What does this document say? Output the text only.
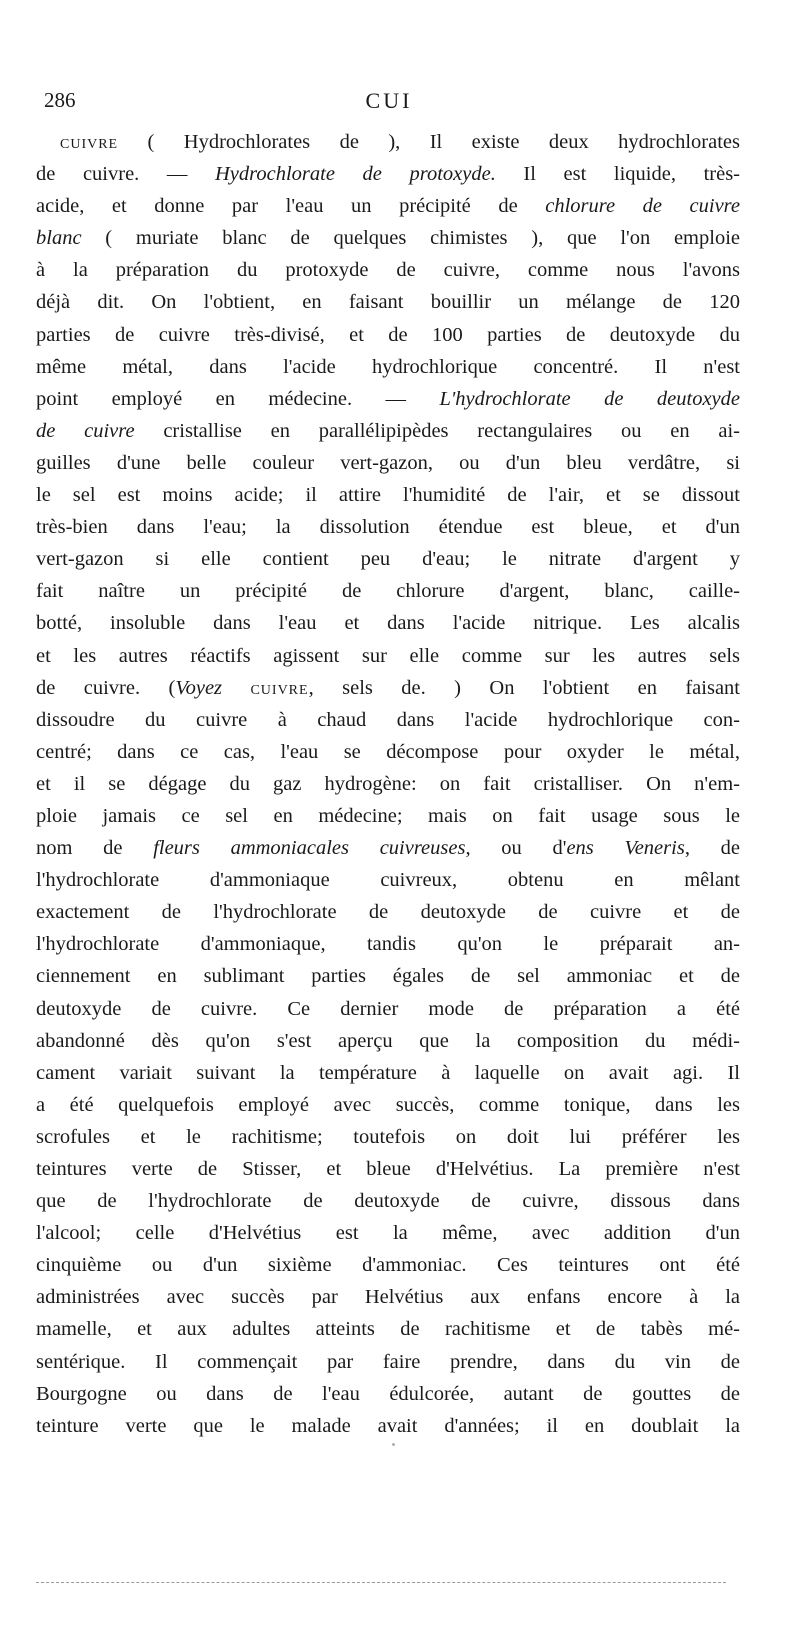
286	CUI
cuivre ( Hydrochlorates de ), Il existe deux hydrochlorates
de cuivre. — Hydrochlorate de protoxyde. Il est liquide, très-
acide, et donne par l'eau un précipité de chlorure de cuivre
blanc ( muriate blanc de quelques chimistes ), que l'on emploie
à la préparation du protoxyde de cuivre, comme nous l'avons
déjà dit. On l'obtient, en faisant bouillir un mélange de 120
parties de cuivre très-divisé, et de 100 parties de deutoxyde du
même métal, dans l'acide hydrochlorique concentré. Il n'est
point employé en médecine. — L'hydrochlorate de deutoxyde
de cuivre cristallise en parallélipipèdes rectangulaires ou en ai-
guilles d'une belle couleur vert-gazon, ou d'un bleu verdâtre, si
le sel est moins acide; il attire l'humidité de l'air, et se dissout
très-bien dans l'eau; la dissolution étendue est bleue, et d'un
vert-gazon si elle contient peu d'eau; le nitrate d'argent y
fait naître un précipité de chlorure d'argent, blanc, caille-
botté, insoluble dans l'eau et dans l'acide nitrique. Les alcalis
et les autres réactifs agissent sur elle comme sur les autres sels
de cuivre. (Voyez cuivre, sels de. ) On l'obtient en faisant
dissoudre du cuivre à chaud dans l'acide hydrochlorique con-
centré; dans ce cas, l'eau se décompose pour oxyder le métal,
et il se dégage du gaz hydrogène: on fait cristalliser. On n'em-
ploie jamais ce sel en médecine; mais on fait usage sous le
nom de fleurs ammoniacales cuivreuses, ou d'ens Veneris, de
l'hydrochlorate d'ammoniaque cuivreux, obtenu en mêlant
exactement de l'hydrochlorate de deutoxyde de cuivre et de
l'hydrochlorate d'ammoniaque, tandis qu'on le préparait an-
ciennement en sublimant parties égales de sel ammoniac et de
deutoxyde de cuivre. Ce dernier mode de préparation a été
abandonné dès qu'on s'est aperçu que la composition du médi-
cament variait suivant la température à laquelle on avait agi. Il
a été quelquefois employé avec succès, comme tonique, dans les
scrofules et le rachitisme; toutefois on doit lui préférer les
teintures verte de Stisser, et bleue d'Helvétius. La première n'est
que de l'hydrochlorate de deutoxyde de cuivre, dissous dans
l'alcool; celle d'Helvétius est la même, avec addition d'un
cinquième ou d'un sixième d'ammoniac. Ces teintures ont été
administrées avec succès par Helvétius aux enfans encore à la
mamelle, et aux adultes atteints de rachitisme et de tabès mé-
sentérique. Il commençait par faire prendre, dans du vin de
Bourgogne ou dans de l'eau édulcorée, autant de gouttes de
teinture verte que le malade avait d'années; il en doublait la
